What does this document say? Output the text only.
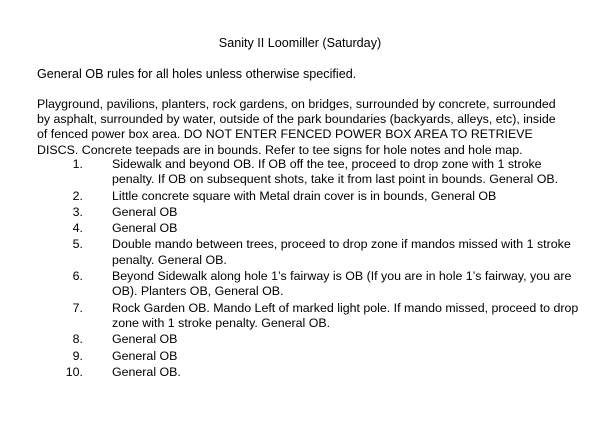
Sanity II Loomiller (Saturday)
General OB rules for all holes unless otherwise specified.
Playground, pavilions, planters, rock gardens, on bridges, surrounded by concrete, surrounded
by asphalt, surrounded by water, outside of the park boundaries (backyards, alleys, etc), inside
of fenced power box area. DO NOT ENTER FENCED POWER BOX AREA TO RETRIEVE
DISCS. Concrete teepads are in bounds. Refer to tee signs for hole notes and hole map.
1. Sidewalk and beyond OB. If OB off the tee, proceed to drop zone with 1 stroke penalty. If OB on subsequent shots, take it from last point in bounds. General OB.
2. Little concrete square with Metal drain cover is in bounds, General OB
3. General OB
4. General OB
5. Double mando between trees, proceed to drop zone if mandos missed with 1 stroke penalty. General OB.
6. Beyond Sidewalk along hole 1’s fairway is OB (If you are in hole 1’s fairway, you are OB). Planters OB, General OB.
7. Rock Garden OB. Mando Left of marked light pole. If mando missed, proceed to drop zone with 1 stroke penalty. General OB.
8. General OB
9. General OB
10. General OB.
